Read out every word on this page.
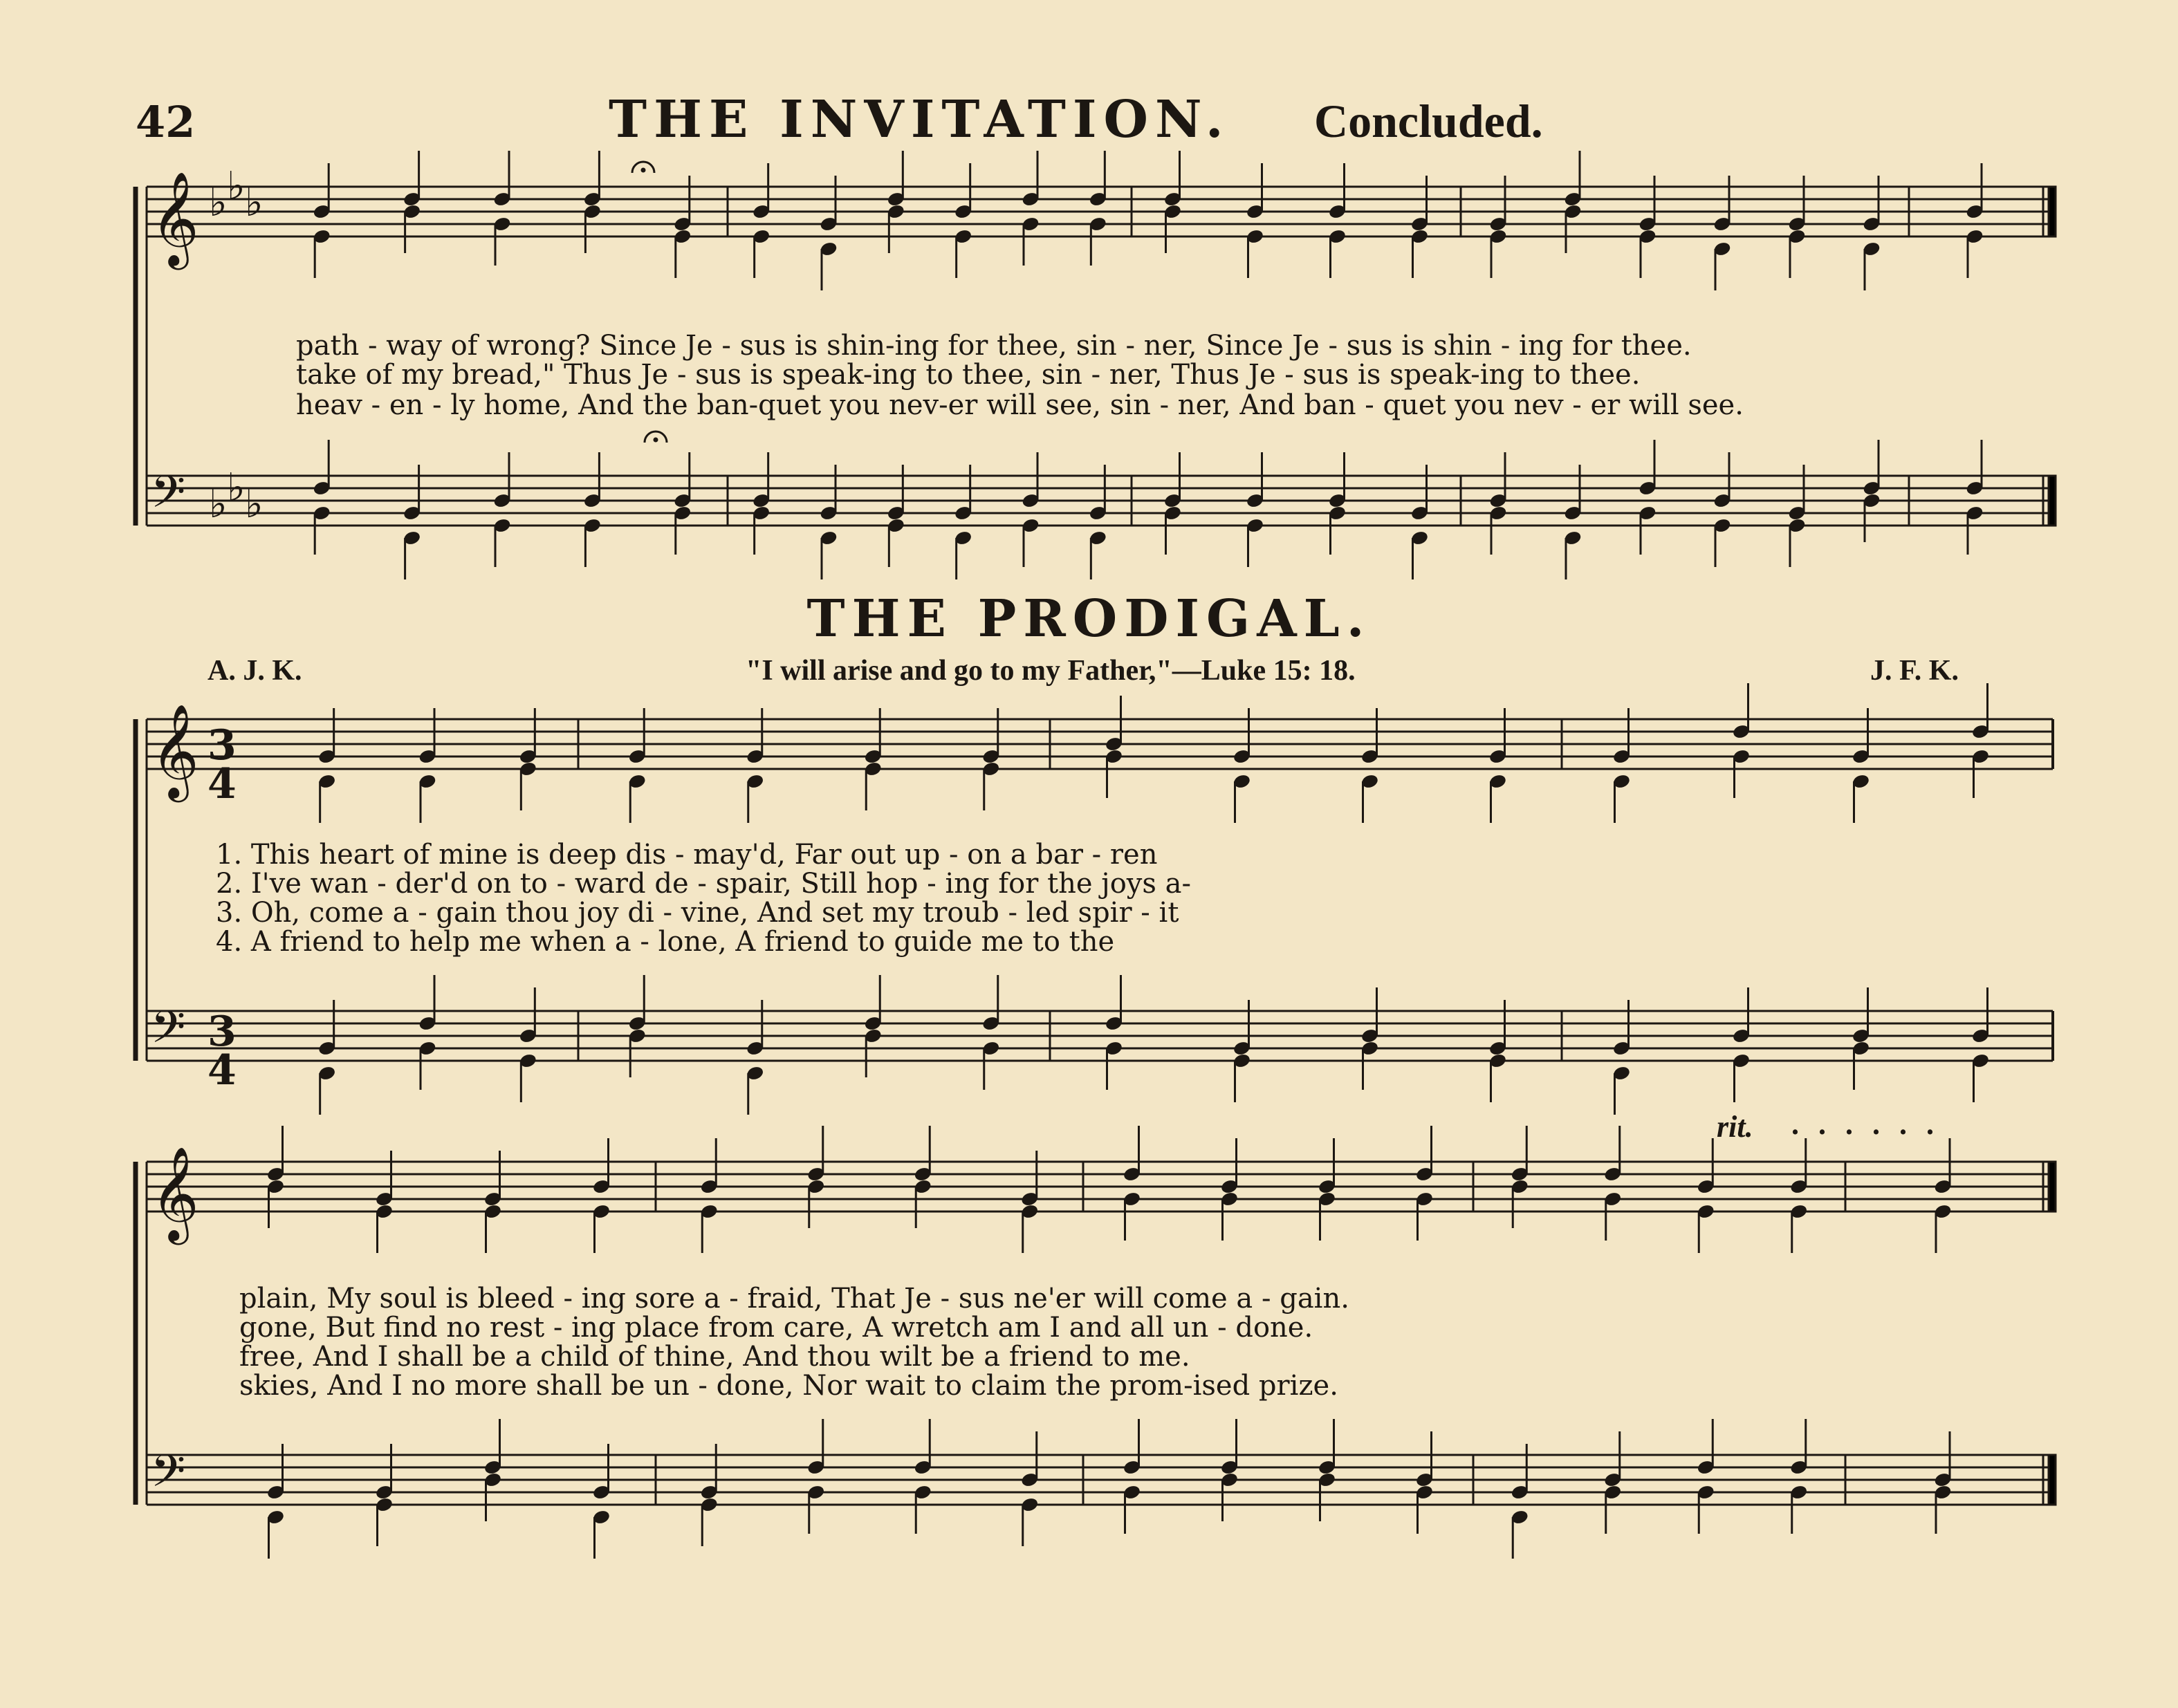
42	THE INVITATION. Concluded.
𝄞 ♭ ♭ ♭
𝄢 ♭ ♭ ♭
𝄞
𝄢
𝄞
𝄢
path - way of wrong? Since Je - sus is shin-ing for thee, sin - ner, Since Je - sus is shin - ing for thee.
take of my bread," Thus Je - sus is speak-ing to thee, sin - ner, Thus Je - sus is speak-ing to thee.
heav - en - ly home, And the ban-quet you nev-er will see, sin - ner, And ban - quet you nev - er will see.
THE PRODIGAL.
A. J. K.	"I will arise and go to my Father,"—Luke 15: 18.	J. F. K.
3
4
3
4
1. This heart of mine is deep dis - may'd, Far out up - on a bar - ren
2. I've wan - der'd on to - ward de - spair, Still hop - ing for the joys a-
3. Oh, come a - gain thou joy di - vine, And set my troub - led spir - it
4. A friend to help me when a - lone, A friend to guide me to the
rit. ......
plain, My soul is bleed - ing sore a - fraid, That Je - sus ne'er will come a - gain.
gone, But find no rest - ing place from care, A wretch am I and all un - done.
free, And I shall be a child of thine, And thou wilt be a friend to me.
skies, And I no more shall be un - done, Nor wait to claim the prom-ised prize.
